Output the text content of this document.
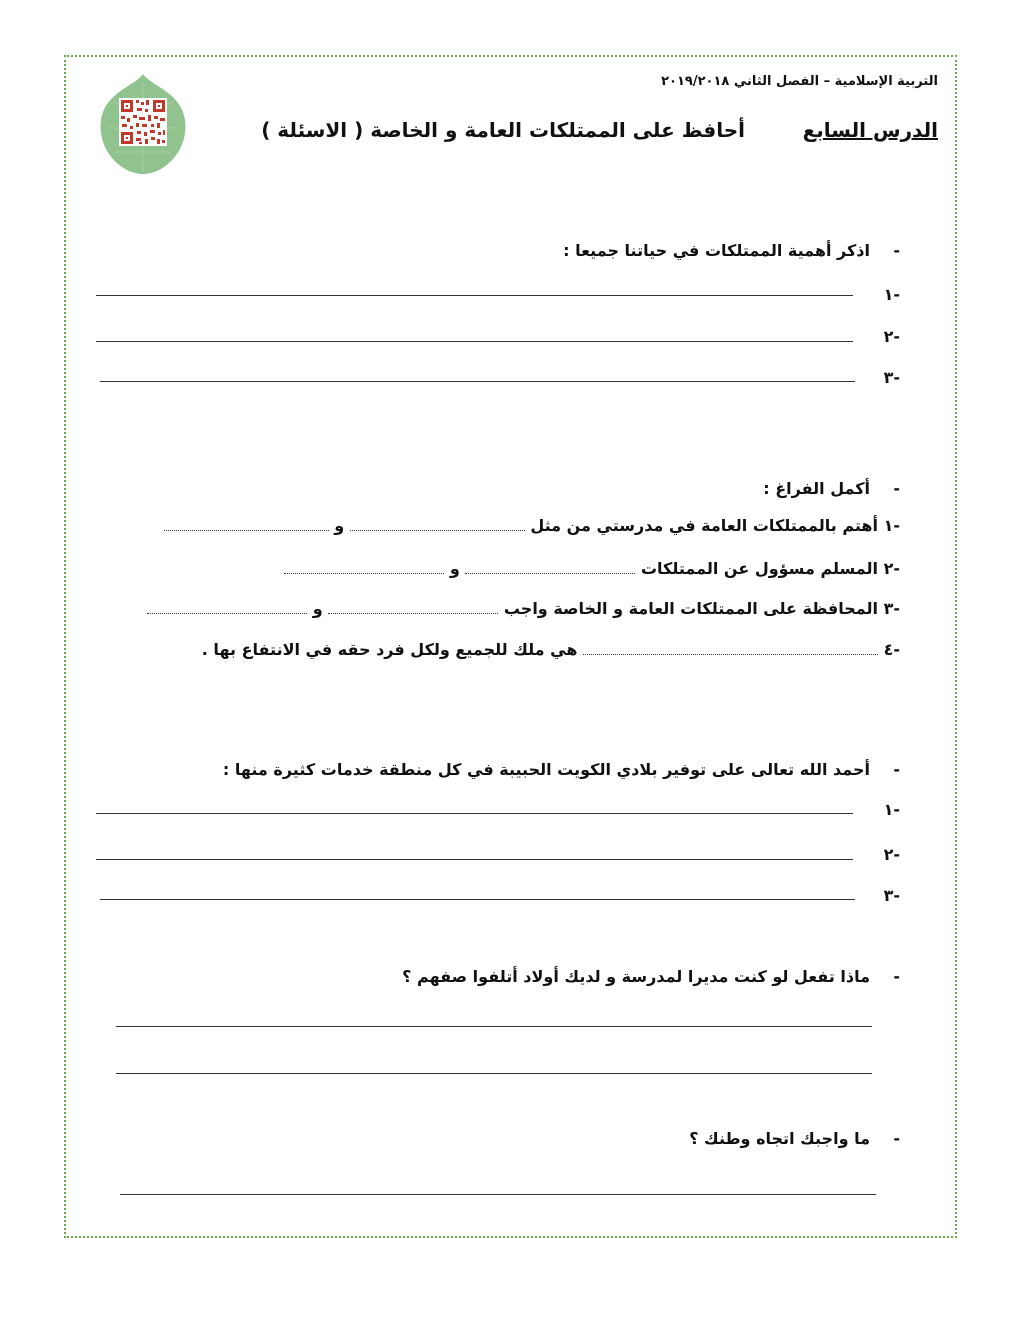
التربية الإسلامية – الفصل الثاني ٢٠١٩/٢٠١٨
الدرس السابع
أحافظ على الممتلكات العامة و الخاصة ( الاسئلة )
-
اذكر أهمية الممتلكات في حياتنا جميعا :
-١
-٢
-٣
-
أكمل الفراغ :
-١ أهتم بالممتلكات العامة في مدرستي من مثل  و
-٢ المسلم مسؤول عن الممتلكات  و
-٣ المحافظة على الممتلكات العامة و الخاصة واجب  و
-٤  هي ملك للجميع ولكل فرد حقه في الانتفاع بها .
-
أحمد الله تعالى على توفير بلادي الكويت الحبيبة في كل منطقة خدمات كثيرة منها :
-١
-٢
-٣
-
ماذا تفعل لو كنت مديرا لمدرسة و لديك أولاد أتلفوا صفهم ؟
-
ما واجبك اتجاه وطنك ؟
